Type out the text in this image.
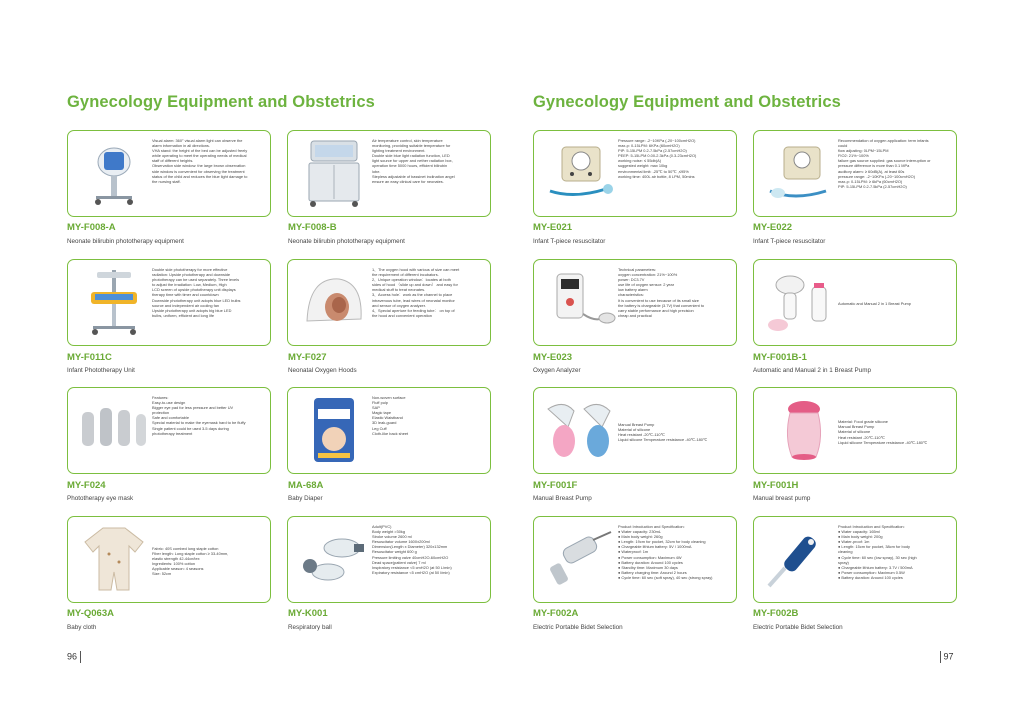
Gynecology Equipment and Obstetrics
Visual alarm: 360° visual alarm light can observe the
alarm information in all directions.
VHA stand: the height of the bed can be adjusted freely
while operating to meet the operating needs of medical
staff of different heights.
Observation side window: the large brown observation
side window is convenient for observing the treatment
status of the child and reduces the blue light damage to
the nursing staff.
MY-F008-A
Neonate bilirubin phototherapy equipment
Air temperature control, skin temperature
monitoring, providing suitable temperature for
lighting treatment environment.
Double side blue light radiation function, LED
light source for upper and nether radiation box,
operation time 5000 hours, efficient bilirubin
lobe.
Stepless adjustable of bassinet inclination angel
ensure an easy clinical care for neonates.
MY-F008-B
Neonate bilirubin phototherapy equipment
Double side phototherapy for more effective
radiation: Upside phototherapy and downside
phototherapy can be used separately. Three levels
to adjust the irradiation: Low, Medium, High
LCD screen of upside phototherapy unit displays
therapy time with timer and countdown
Downside phototherapy unit adopts blue LED bulbs
source and independent air cooling fan
Upside phototherapy unit adopts big blue LED
bulbs, uniform, efficient and long life
MY-F011C
Infant Phototherapy Unit
1、The oxygen hood with various of size can meet
the requirement of different incubators.
2、Unique operation window：locates at both
sides of hood （slide up and down） and easy for
medical stuff to treat neonates.
3、Access hole：work as the channel to place
intravenous tube, lead wires of neonatal monitor
and sensor of oxygen analyzer.
4、Special aperture for feeding tube： on top of
the hood and convenient operation
MY-F027
Neonatal Oxygen Hoods
Features:
Easy-to-use design
Bigger eye pad for less pressure and better UV
protection
Safe and comfortable
Special material to make the eyemask hard to be fluffy
Single patient could be used 3-5 days during
phototherapy treatment
MY-F024
Phototherapy eye mask
Non-woven surface
Fluff pulp
SAP
Magic tape
Elastic Waistband
3D leak-guard
Leg Cuff
Cloth-like back sheet
MA-68A
Baby Diaper
Fabric: 40S combed long staple cotton
Fiber length: Long staple cotton ≥ 33-40mm,
elastic strength 42-44cn/tex
Ingredients: 100% cotton
Applicable season: 4 seasons
Size: 52cm
MY-Q063A
Baby cloth
Adult(PVC)
Body weight >30kg
Stroke volume 2600 ml
Resuscitator volume 1600±200ml
Dimension(Length x Diameter) 320x132mm
Resuscitator weight 600 g
Pressure limiting valve 40cmH2O-60cmH2O
Dead space(patient valve) 7 ml
Inspiratory resistance <5 cmH2O (at 50 L/min)
Expiratory resistance <5 cmH2O (at 50 l/min)
MY-K001
Respiratory ball
96
Gynecology Equipment and Obstetrics
Pressure range: -2~10KPa (-20~100cmH2O)
max-p: 0-15LPM: 6KPa (60cmH2O)
PIP: 5-15LPM 0.2-7.5kPa (2-57cmH2O)
PEEP: 5-15LPM 0.00-2.3kPa (0.3-23cmH2O)
working noise: ≤ 55db(A)
suggested weight: max 10kg
environmental limit: -25℃ to 50℃ ,≤95%
working time: 400L air bottle, 8 LPM, 50mins
MY-E021
Infant T-piece resuscitator
Recommendation of oxygen application: term infants
could
flow adjusting: 0LPM~15LPM
FIO2: 21%~100%
failure gas source supplied: gas source interruption or
pressure difference is more than 0.1 MPa
auditory alarm: ≥ 60dB(A), at least 60s
pressure range: -2~10KPa (-20~100cmH2O)
max-p: 0-15LPM: ≥ 6kPa (60cmH2O)
PIP: 5-15LPM 0.2-7.5kPa (2-57cmH2O)
MY-E022
Infant T-piece resuscitator
Technical parameters:
oxygen concentration: 21%~100%
power: DC3.7V
use life of oxygen sensor: 2 year
low battery alarm
characteristics:
It is convenient to use because of its small size
the battery is chargeable (3.7V) that convenient to
carry stable performance and high precision
cheap and practical
MY-E023
Oxygen Analyzer
Automatic and Manual 2 in 1 Breast Pump
MY-F001B-1
Automatic and Manual 2 in 1 Breast Pump
Manual Breast Pump
Material of silicone
Heat resistant -20℃-110℃
Liquid silicone Temperature resistance -40℃-180℃
MY-F001F
Manual Breast Pump
Material: Food grade silicone
Manual Breast Pump
Material of silicone
Heat resistant -20℃-110℃
Liquid silicone Temperature resistance -40℃-180℃
MY-F001H
Manual breast pump
Product Introduction and Specification:
● Water capacity: 230mL
● Main body weight: 260g
● Length: 19cm for pocket, 32cm for body cleaning
● Chargeable lithium battery: 5V / 1000mA
● Waterproof: 1m
● Power consumption: Maximum 4W
● Battery duration: Around 100 cycles
● Standby time: Maximum 30 days
● Battery charging time: Around 2 hours
● Cycle time: 60 sec (soft spray), 40 sec (strong spray)
MY-F002A
Electric Portable Bidet Selection
Product Introduction and Specification:
● Water capacity: 165ml
● Main body weight: 200g
● Water-proof: 1m
● Length: 15cm for pocket, 38cm for body
cleaning
● Cycle time: 60 sec (low spray), 30 sec (high
spray)
● Chargeable lithium battery: 3.7V / 500mA
● Power consumption: Maximum 0.5W
● Battery duration: Around 100 cycles
MY-F002B
Electric Portable Bidet Selection
97
